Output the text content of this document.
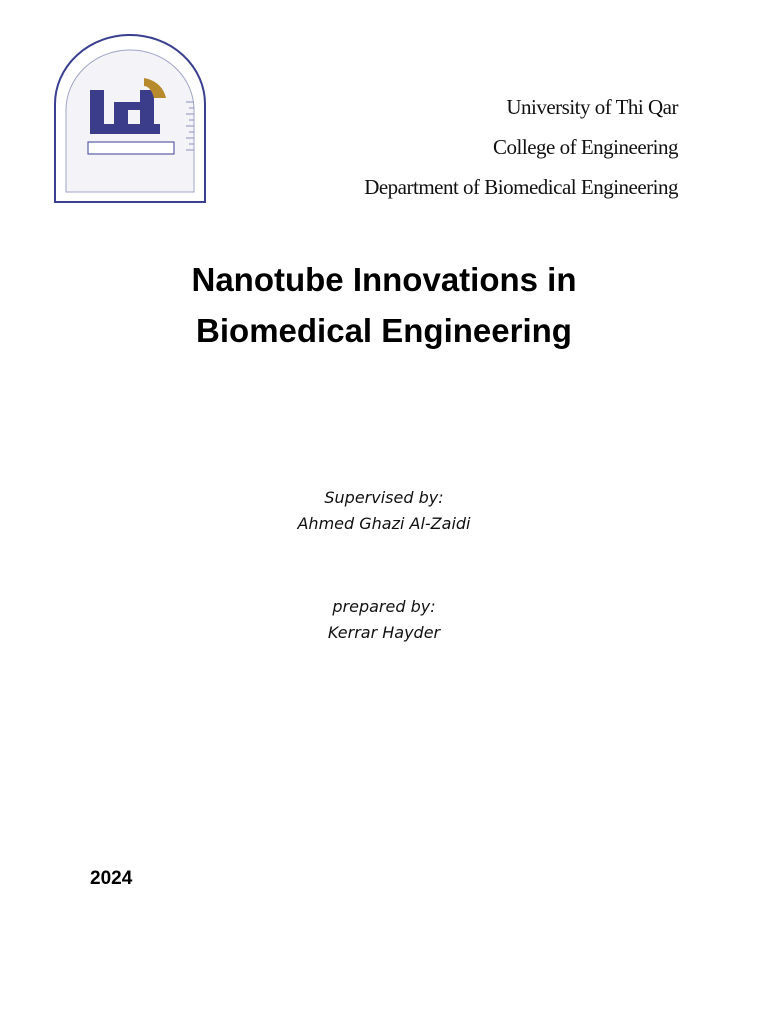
University of Thi Qar
College of Engineering
Department of Biomedical Engineering
Nanotube Innovations in
Biomedical Engineering
Supervised by:
Ahmed Ghazi Al-Zaidi
prepared by:
Kerrar Hayder
2024
